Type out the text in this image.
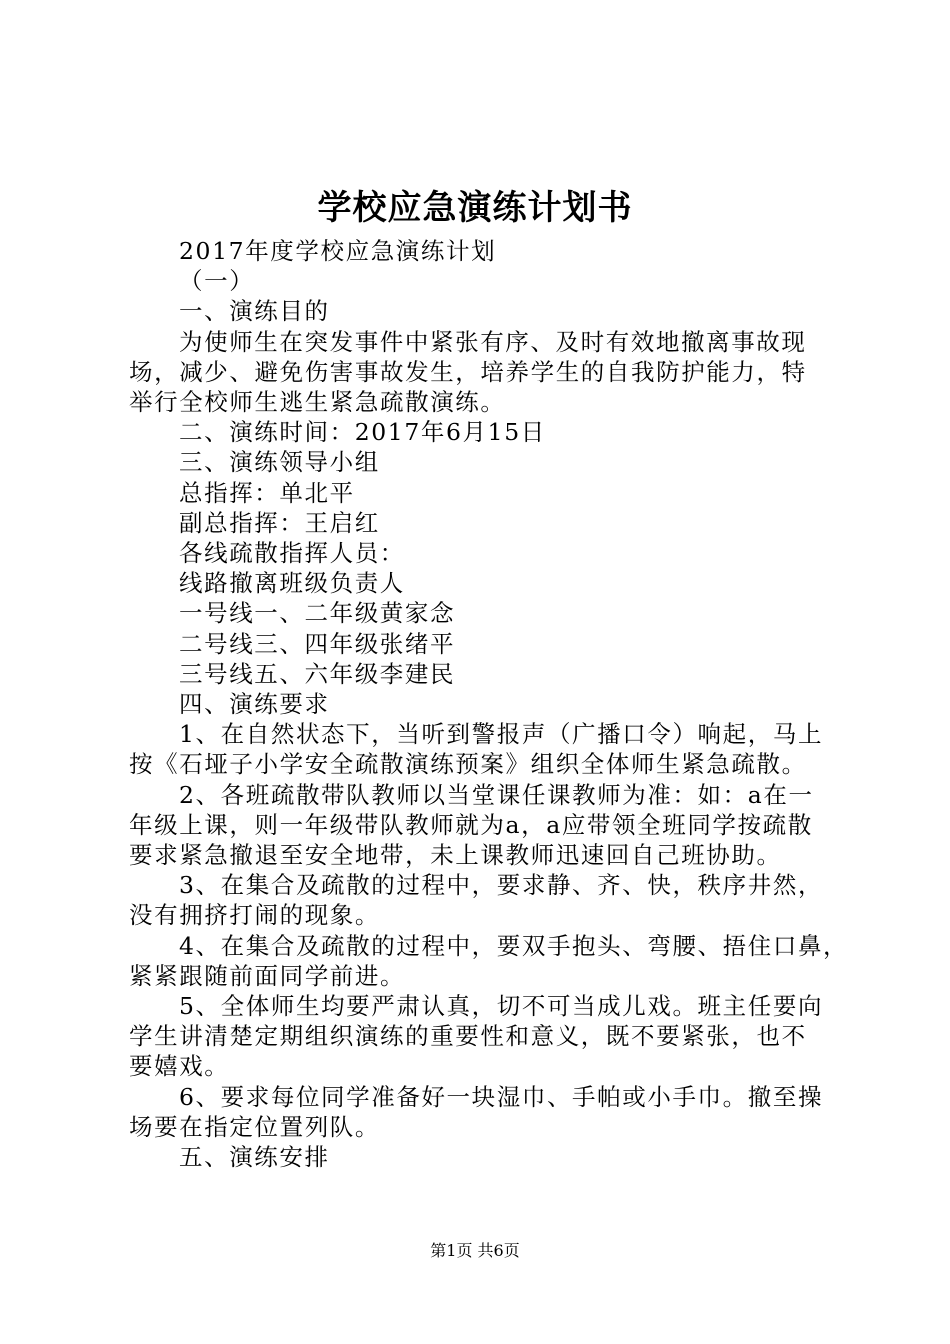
学校应急演练计划书
2017年度学校应急演练计划
（一）
一、演练目的
为使师生在突发事件中紧张有序、及时有效地撤离事故现
场，减少、避免伤害事故发生，培养学生的自我防护能力，特
举行全校师生逃生紧急疏散演练。
二、演练时间：2017年6月15日
三、演练领导小组
总指挥：单北平
副总指挥：王启红
各线疏散指挥人员：
线路撤离班级负责人
一号线一、二年级黄家念
二号线三、四年级张绪平
三号线五、六年级李建民
四、演练要求
1、在自然状态下，当听到警报声（广播口令）响起，马上
按《石垭子小学安全疏散演练预案》组织全体师生紧急疏散。
2、各班疏散带队教师以当堂课任课教师为准：如：a在一
年级上课，则一年级带队教师就为a，a应带领全班同学按疏散
要求紧急撤退至安全地带，未上课教师迅速回自己班协助。
3、在集合及疏散的过程中，要求静、齐、快，秩序井然，
没有拥挤打闹的现象。
4、在集合及疏散的过程中，要双手抱头、弯腰、捂住口鼻，
紧紧跟随前面同学前进。
5、全体师生均要严肃认真，切不可当成儿戏。班主任要向
学生讲清楚定期组织演练的重要性和意义，既不要紧张，也不
要嬉戏。
6、要求每位同学准备好一块湿巾、手帕或小手巾。撤至操
场要在指定位置列队。
五、演练安排
第1页 共6页
